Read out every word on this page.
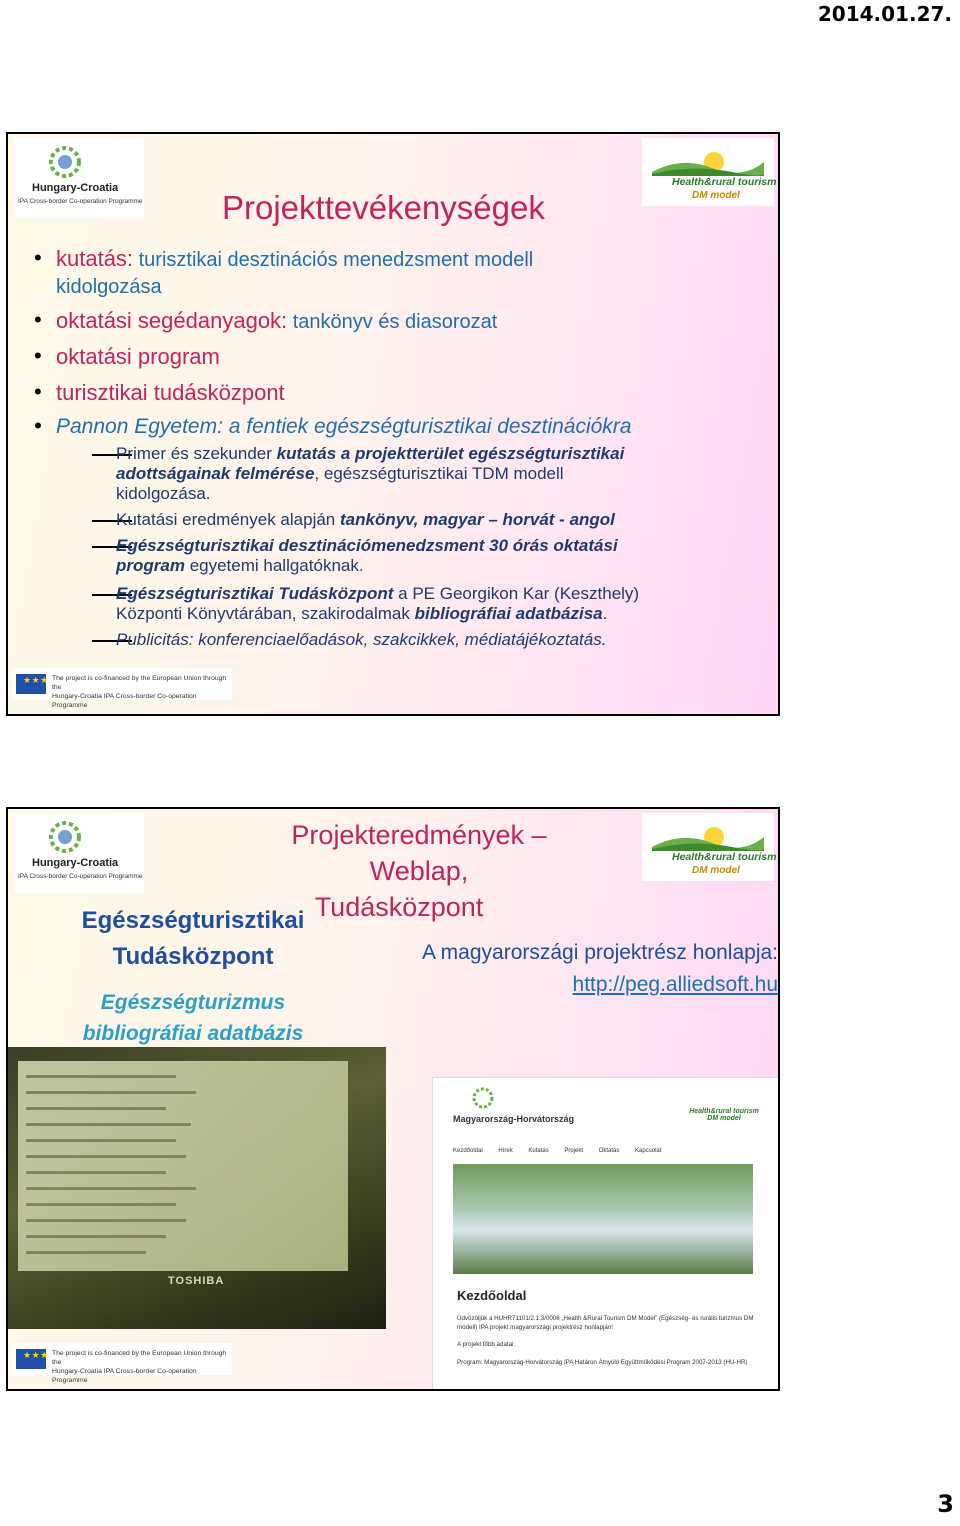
2014.01.27.
Hungary-Croatia
IPA Cross-border Co-operation Programme
Health&rural tourism
DM model
Projekttevékenységek
• kutatás: turisztikai desztinációs menedzsment modell
kidolgozása
• oktatási segédanyagok: tankönyv és diasorozat
• oktatási program
• turisztikai tudásközpont
• Pannon Egyetem: a fentiek egészségturisztikai desztinációkra
Primer és szekunder kutatás a projektterület egészségturisztikai
adottságainak felmérése, egészségturisztikai TDM modell
kidolgozása.
Kutatási eredmények alapján tankönyv, magyar – horvát - angol
Egészségturisztikai desztinációmenedzsment 30 órás oktatási
program egyetemi hallgatóknak.
Egészségturisztikai Tudásközpont a PE Georgikon Kar (Keszthely)
Központi Könyvtárában, szakirodalmak bibliográfiai adatbázisa.
Publicitás: konferenciaelőadások, szakcikkek, médiatájékoztatás.
★★★ The project is co-financed by the European Union through the
Hungary-Croatia IPA Cross-border Co-operation Programme
Hungary-Croatia
IPA Cross-border Co-operation Programme
Health&rural tourism
DM model
Projekteredmények –
Weblap,
Tudásközpont
Egészségturisztikai
Tudásközpont
Egészségturizmus
bibliográfiai adatbázis
A magyarországi projektrész honlapja:
http://peg.alliedsoft.hu
TOSHIBA
Magyarország-Horvátország
Health&rural tourism DM model
Kezdőoldal Hírek Kutatás Projekt Oktatás Kapcsolat
Kezdőoldal
Üdvözöljük a HUHR71101/2.1.3/0006 „Health &Rural Tourism DM Model” (Egészség- és rurális turizmus DM modell) IPA projekt magyarországi projektrész honlapján!
A projekt főbb adatai:
Program: Magyarország-Horvátország IPA Határon Átnyúló Együttműködési Program 2007-2013 (HU-HR)
★★★ The project is co-financed by the European Union through the
Hungary-Croatia IPA Cross-border Co-operation Programme
3
